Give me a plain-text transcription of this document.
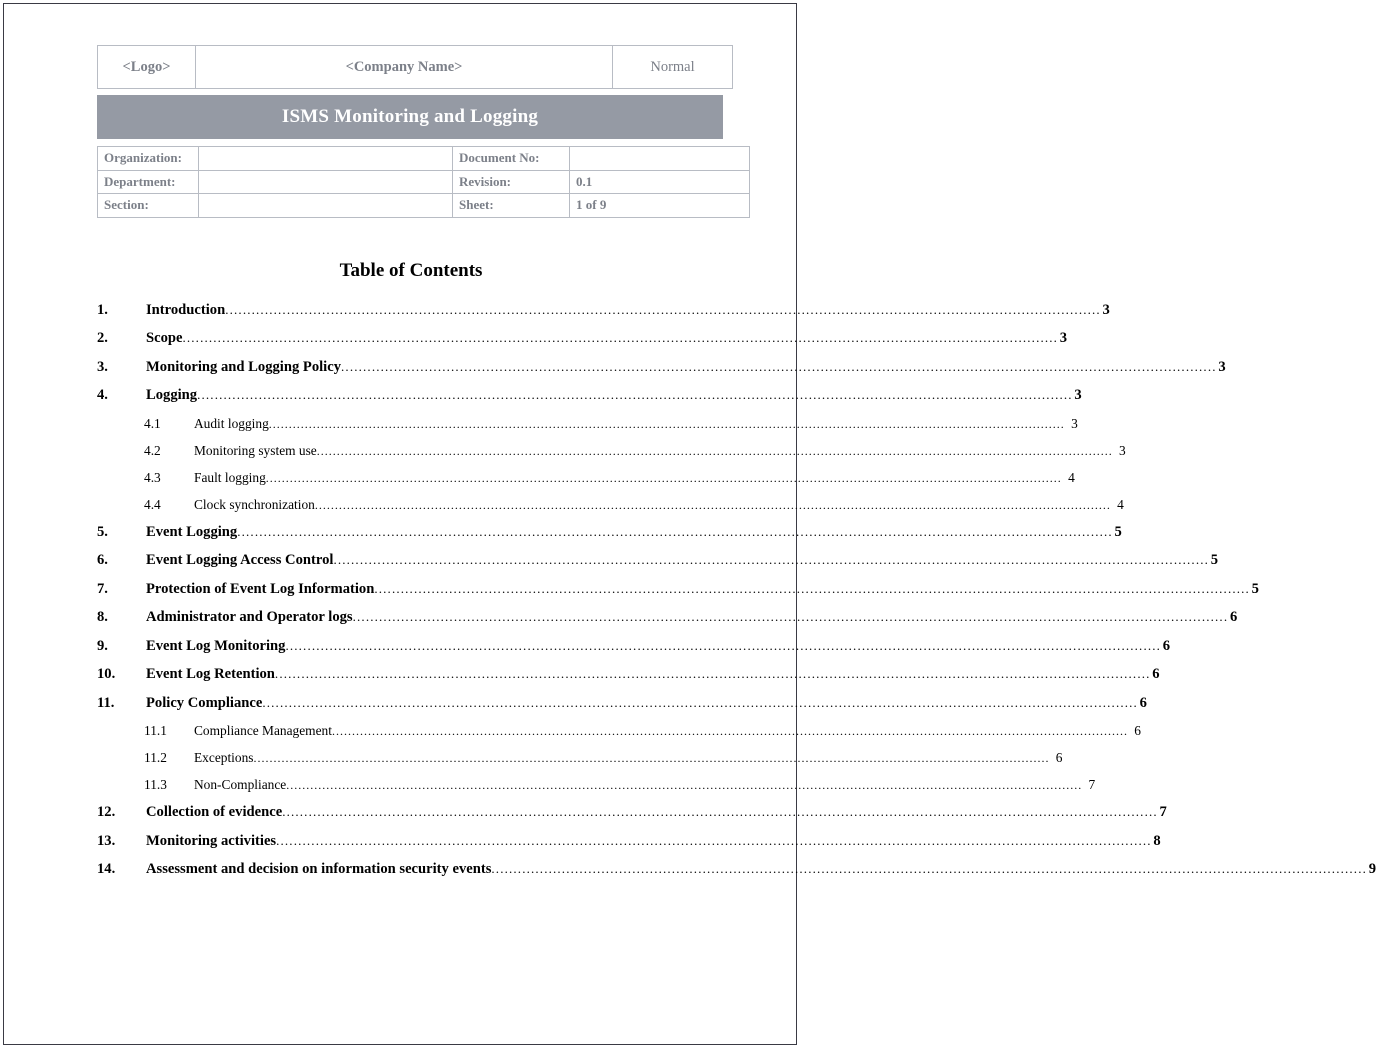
<Logo>	<Company Name>	Normal
ISMS Monitoring and Logging
Organization:		Document No:	
Department:		Revision:	0.1
Section:		Sheet:	1 of 9
Table of Contents
1.	Introduction ....................................................................................................................................................................................................... 3
2.	Scope ....................................................................................................................................................................................................... 3
3.	Monitoring and Logging Policy ....................................................................................................................................................................................................... 3
4.	Logging ....................................................................................................................................................................................................... 3
4.1	Audit logging ....................................................................................................................................................................................................... 3
4.2	Monitoring system use ....................................................................................................................................................................................................... 3
4.3	Fault logging ....................................................................................................................................................................................................... 4
4.4	Clock synchronization ....................................................................................................................................................................................................... 4
5.	Event Logging ....................................................................................................................................................................................................... 5
6.	Event Logging Access Control ....................................................................................................................................................................................................... 5
7.	Protection of Event Log Information ....................................................................................................................................................................................................... 5
8.	Administrator and Operator logs ....................................................................................................................................................................................................... 6
9.	Event Log Monitoring ....................................................................................................................................................................................................... 6
10.	Event Log Retention ....................................................................................................................................................................................................... 6
11.	Policy Compliance ....................................................................................................................................................................................................... 6
11.1	Compliance Management ....................................................................................................................................................................................................... 6
11.2	Exceptions ....................................................................................................................................................................................................... 6
11.3	Non-Compliance ....................................................................................................................................................................................................... 7
12.	Collection of evidence ....................................................................................................................................................................................................... 7
13.	Monitoring activities ....................................................................................................................................................................................................... 8
14.	Assessment and decision on information security events ....................................................................................................................................................................................................... 9
